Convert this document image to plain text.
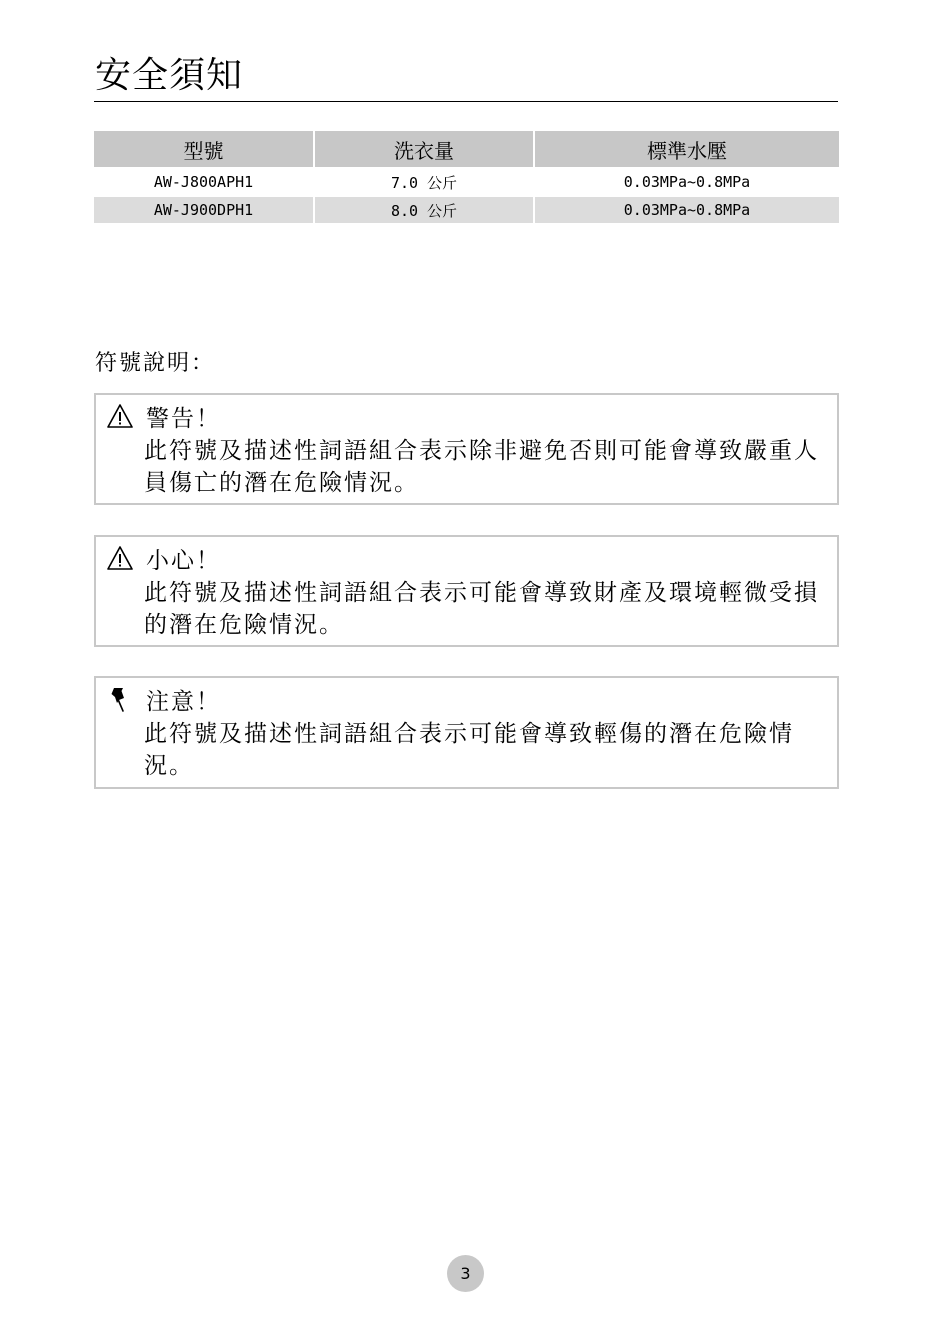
安全須知
型號	洗衣量	標準水壓
AW-J800APH1	7.0 公斤	0.03MPa~0.8MPa
AW-J900DPH1	8.0 公斤	0.03MPa~0.8MPa
符號說明：
警告！
此符號及描述性詞語組合表示除非避免否則可能會導致嚴重人員傷亡的潛在危險情況。
小心！
此符號及描述性詞語組合表示可能會導致財產及環境輕微受損的潛在危險情況。
注意！
此符號及描述性詞語組合表示可能會導致輕傷的潛在危險情況。
3
